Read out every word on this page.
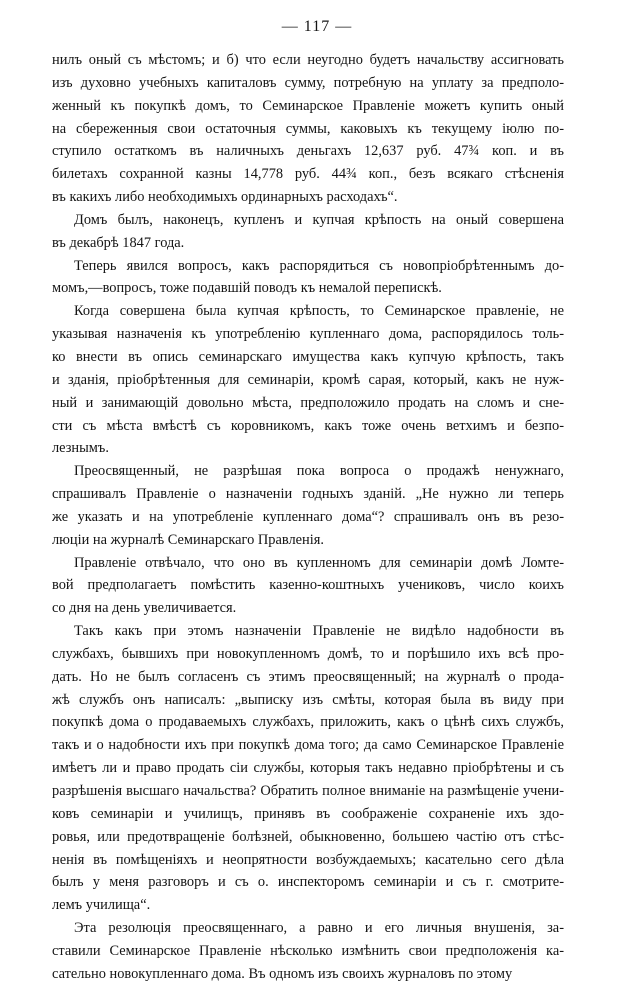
— 117 —
нилъ оный съ мѣстомъ; и б) что если неугодно будетъ начальству ассигновать
изъ духовно учебныхъ капиталовъ сумму, потребную на уплату за предполо-
женный къ покупкѣ домъ, то Семинарское Правленіе можетъ купить оный
на сбереженныя свои остаточныя суммы, каковыхъ къ текущему іюлю по-
ступило остаткомъ въ наличныхъ деньгахъ 12,637 руб. 47¾ коп. и въ
билетахъ сохранной казны 14,778 руб. 44¾ коп., безъ всякаго стѣсненія
въ какихъ либо необходимыхъ ординарныхъ расходахъ“.
Домъ былъ, наконецъ, купленъ и купчая крѣпость на оный совершена
въ декабрѣ 1847 года.
Теперь явился вопросъ, какъ распорядиться съ новопріобрѣтеннымъ до-
момъ,—вопросъ, тоже подавшій поводъ къ немалой перепискѣ.
Когда совершена была купчая крѣпость, то Семинарское правленіе, не
указывая назначенія къ употребленію купленнаго дома, распорядилось толь-
ко внести въ опись семинарскаго имущества какъ купчую крѣпость, такъ
и зданія, пріобрѣтенныя для семинаріи, кромѣ сарая, который, какъ не нуж-
ный и занимающій довольно мѣста, предположило продать на сломъ и сне-
сти съ мѣста вмѣстѣ съ коровникомъ, какъ тоже очень ветхимъ и безпо-
лезнымъ.
Преосвященный, не разрѣшая пока вопроса о продажѣ ненужнаго,
спрашивалъ Правленіе о назначеніи годныхъ зданій. „Не нужно ли теперь
же указать и на употребленіе купленнаго дома“? спрашивалъ онъ въ резо-
люціи на журналѣ Семинарскаго Правленія.
Правленіе отвѣчало, что оно въ купленномъ для семинаріи домѣ Ломте-
вой предполагаетъ помѣстить казенно-коштныхъ учениковъ, число коихъ
со дня на день увеличивается.
Такъ какъ при этомъ назначеніи Правленіе не видѣло надобности въ
службахъ, бывшихъ при новокупленномъ домѣ, то и порѣшило ихъ всѣ про-
дать. Но не былъ согласенъ съ этимъ преосвященный; на журналѣ о прода-
жѣ службъ онъ написалъ: „выписку изъ смѣты, которая была въ виду при
покупкѣ дома о продаваемыхъ службахъ, приложить, какъ о цѣнѣ сихъ службъ,
такъ и о надобности ихъ при покупкѣ дома того; да само Семинарское Правленіе
имѣетъ ли и право продать сіи службы, которыя такъ недавно пріобрѣтены и съ
разрѣшенія высшаго начальства? Обратить полное вниманіе на размѣщеніе учени-
ковъ семинаріи и училищъ, принявъ въ соображеніе сохраненіе ихъ здо-
ровья, или предотвращеніе болѣзней, обыкновенно, большею частію отъ стѣс-
ненія въ помѣщеніяхъ и неопрятности возбуждаемыхъ; касательно сего дѣла
былъ у меня разговоръ и съ о. инспекторомъ семинаріи и съ г. смотрите-
лемъ училища“.
Эта резолюція преосвященнаго, а равно и его личныя внушенія, за-
ставили Семинарское Правленіе нѣсколько измѣнить свои предположенія ка-
сательно новокупленнаго дома. Въ одномъ изъ своихъ журналовъ по этому
